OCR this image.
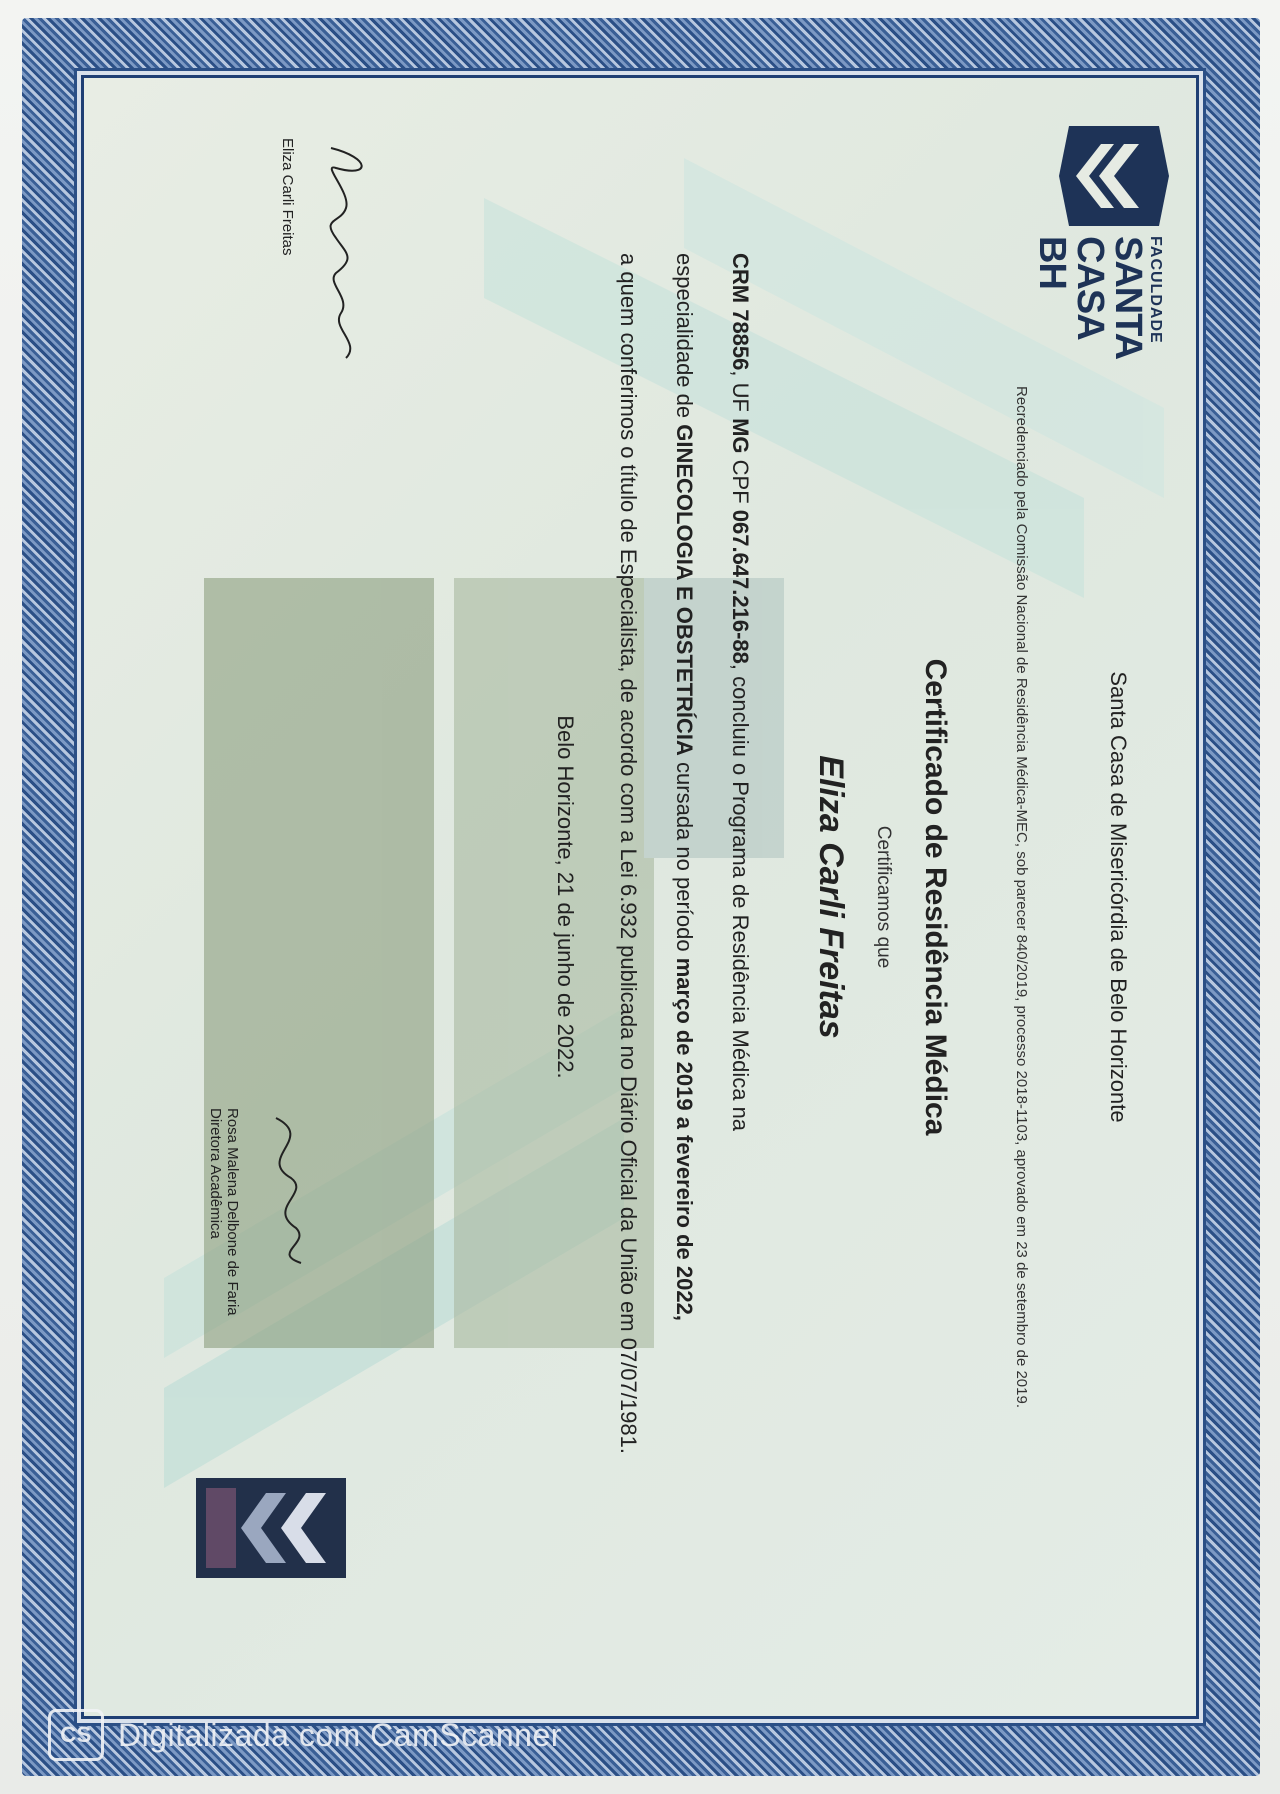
Santa Casa de Misericórdia de Belo Horizonte
Recredenciado pela Comissão Nacional de Residência Médica-MEC, sob parecer 840/2019, processo 2018-1103, aprovado em 23 de setembro de 2019.
FACULDADE
SANTA
CASA BH
Certificado de Residência Médica
Certificamos que
Eliza Carli Freitas
CRM 78856, UF MG CPF 067.647.216-88, concluiu o Programa de Residência Médica na
especialidade de GINECOLOGIA E OBSTETRÍCIA cursada no período março de 2019 a fevereiro de 2022,
a quem conferimos o título de Especialista, de acordo com a Lei 6.932 publicada no Diário Oficial da União em 07/07/1981.
Belo Horizonte, 21 de junho de 2022.
Eliza Carli Freitas
Rosa Malena Delbone de Faria
Diretora Acadêmica
CS Digitalizada com CamScanner
